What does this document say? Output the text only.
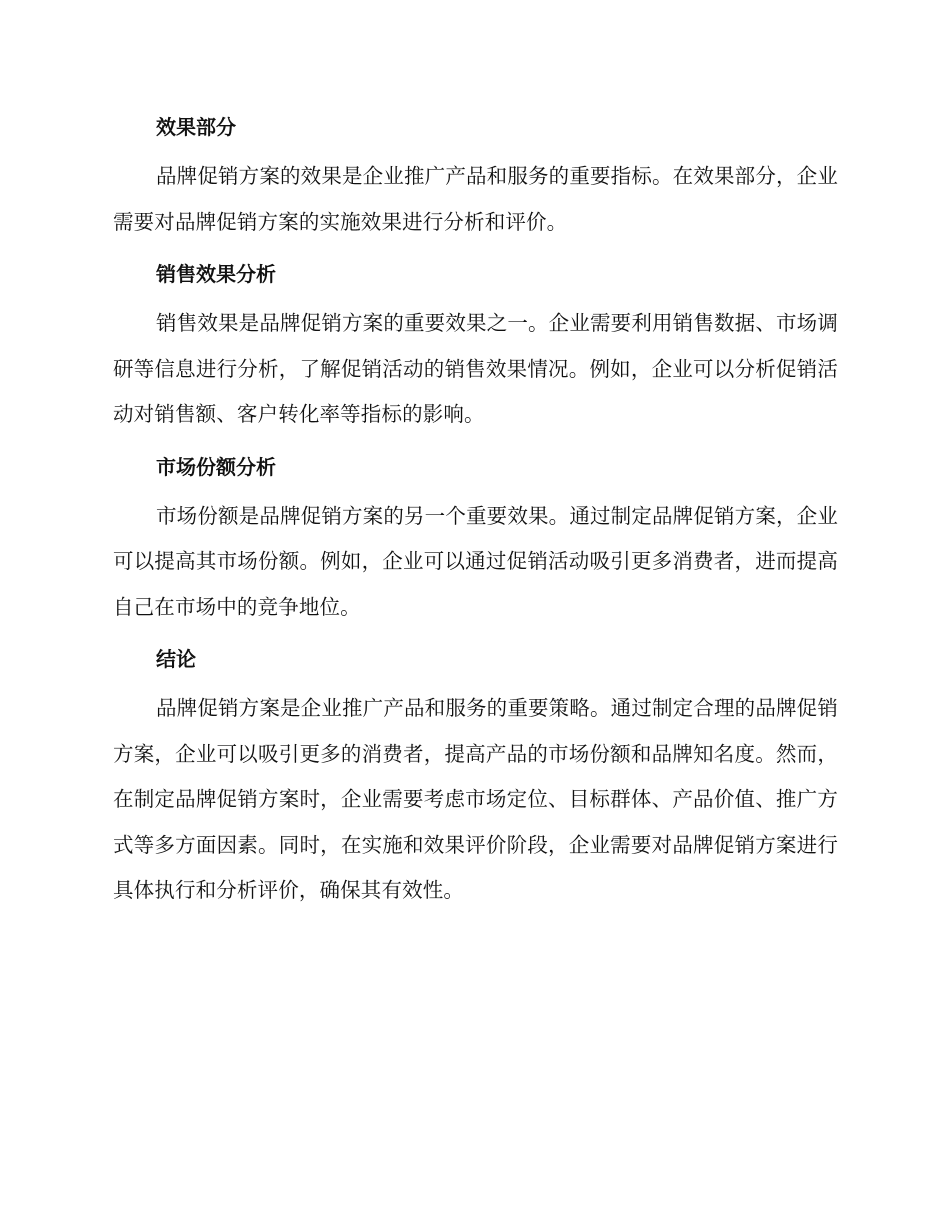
效果部分

品牌促销方案的效果是企业推广产品和服务的重要指标。在效果部分，企业需要对品牌促销方案的实施效果进行分析和评价。

销售效果分析

销售效果是品牌促销方案的重要效果之一。企业需要利用销售数据、市场调研等信息进行分析，了解促销活动的销售效果情况。例如，企业可以分析促销活动对销售额、客户转化率等指标的影响。

市场份额分析

市场份额是品牌促销方案的另一个重要效果。通过制定品牌促销方案，企业可以提高其市场份额。例如，企业可以通过促销活动吸引更多消费者，进而提高自己在市场中的竞争地位。

结论

品牌促销方案是企业推广产品和服务的重要策略。通过制定合理的品牌促销方案，企业可以吸引更多的消费者，提高产品的市场份额和品牌知名度。然而，在制定品牌促销方案时，企业需要考虑市场定位、目标群体、产品价值、推广方式等多方面因素。同时，在实施和效果评价阶段，企业需要对品牌促销方案进行具体执行和分析评价，确保其有效性。
